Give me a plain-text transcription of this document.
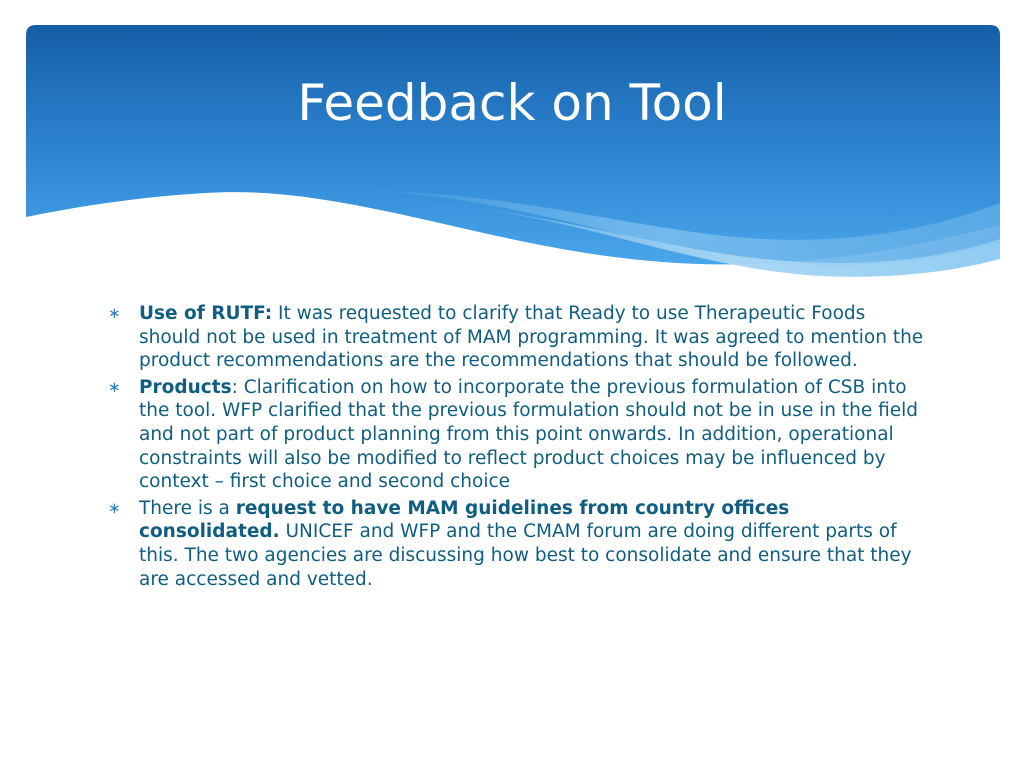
Feedback on Tool
∗ Use of RUTF: It was requested to clarify that Ready to use Therapeutic Foods should not be used in treatment of MAM programming. It was agreed to mention the product recommendations are the recommendations that should be followed.
∗ Products: Clarification on how to incorporate the previous formulation of CSB into the tool. WFP clarified that the previous formulation should not be in use in the field and not part of product planning from this point onwards. In addition, operational constraints will also be modified to reflect product choices may be influenced by context – first choice and second choice
∗ There is a request to have MAM guidelines from country offices consolidated. UNICEF and WFP and the CMAM forum are doing different parts of this. The two agencies are discussing how best to consolidate and ensure that they are accessed and vetted.
